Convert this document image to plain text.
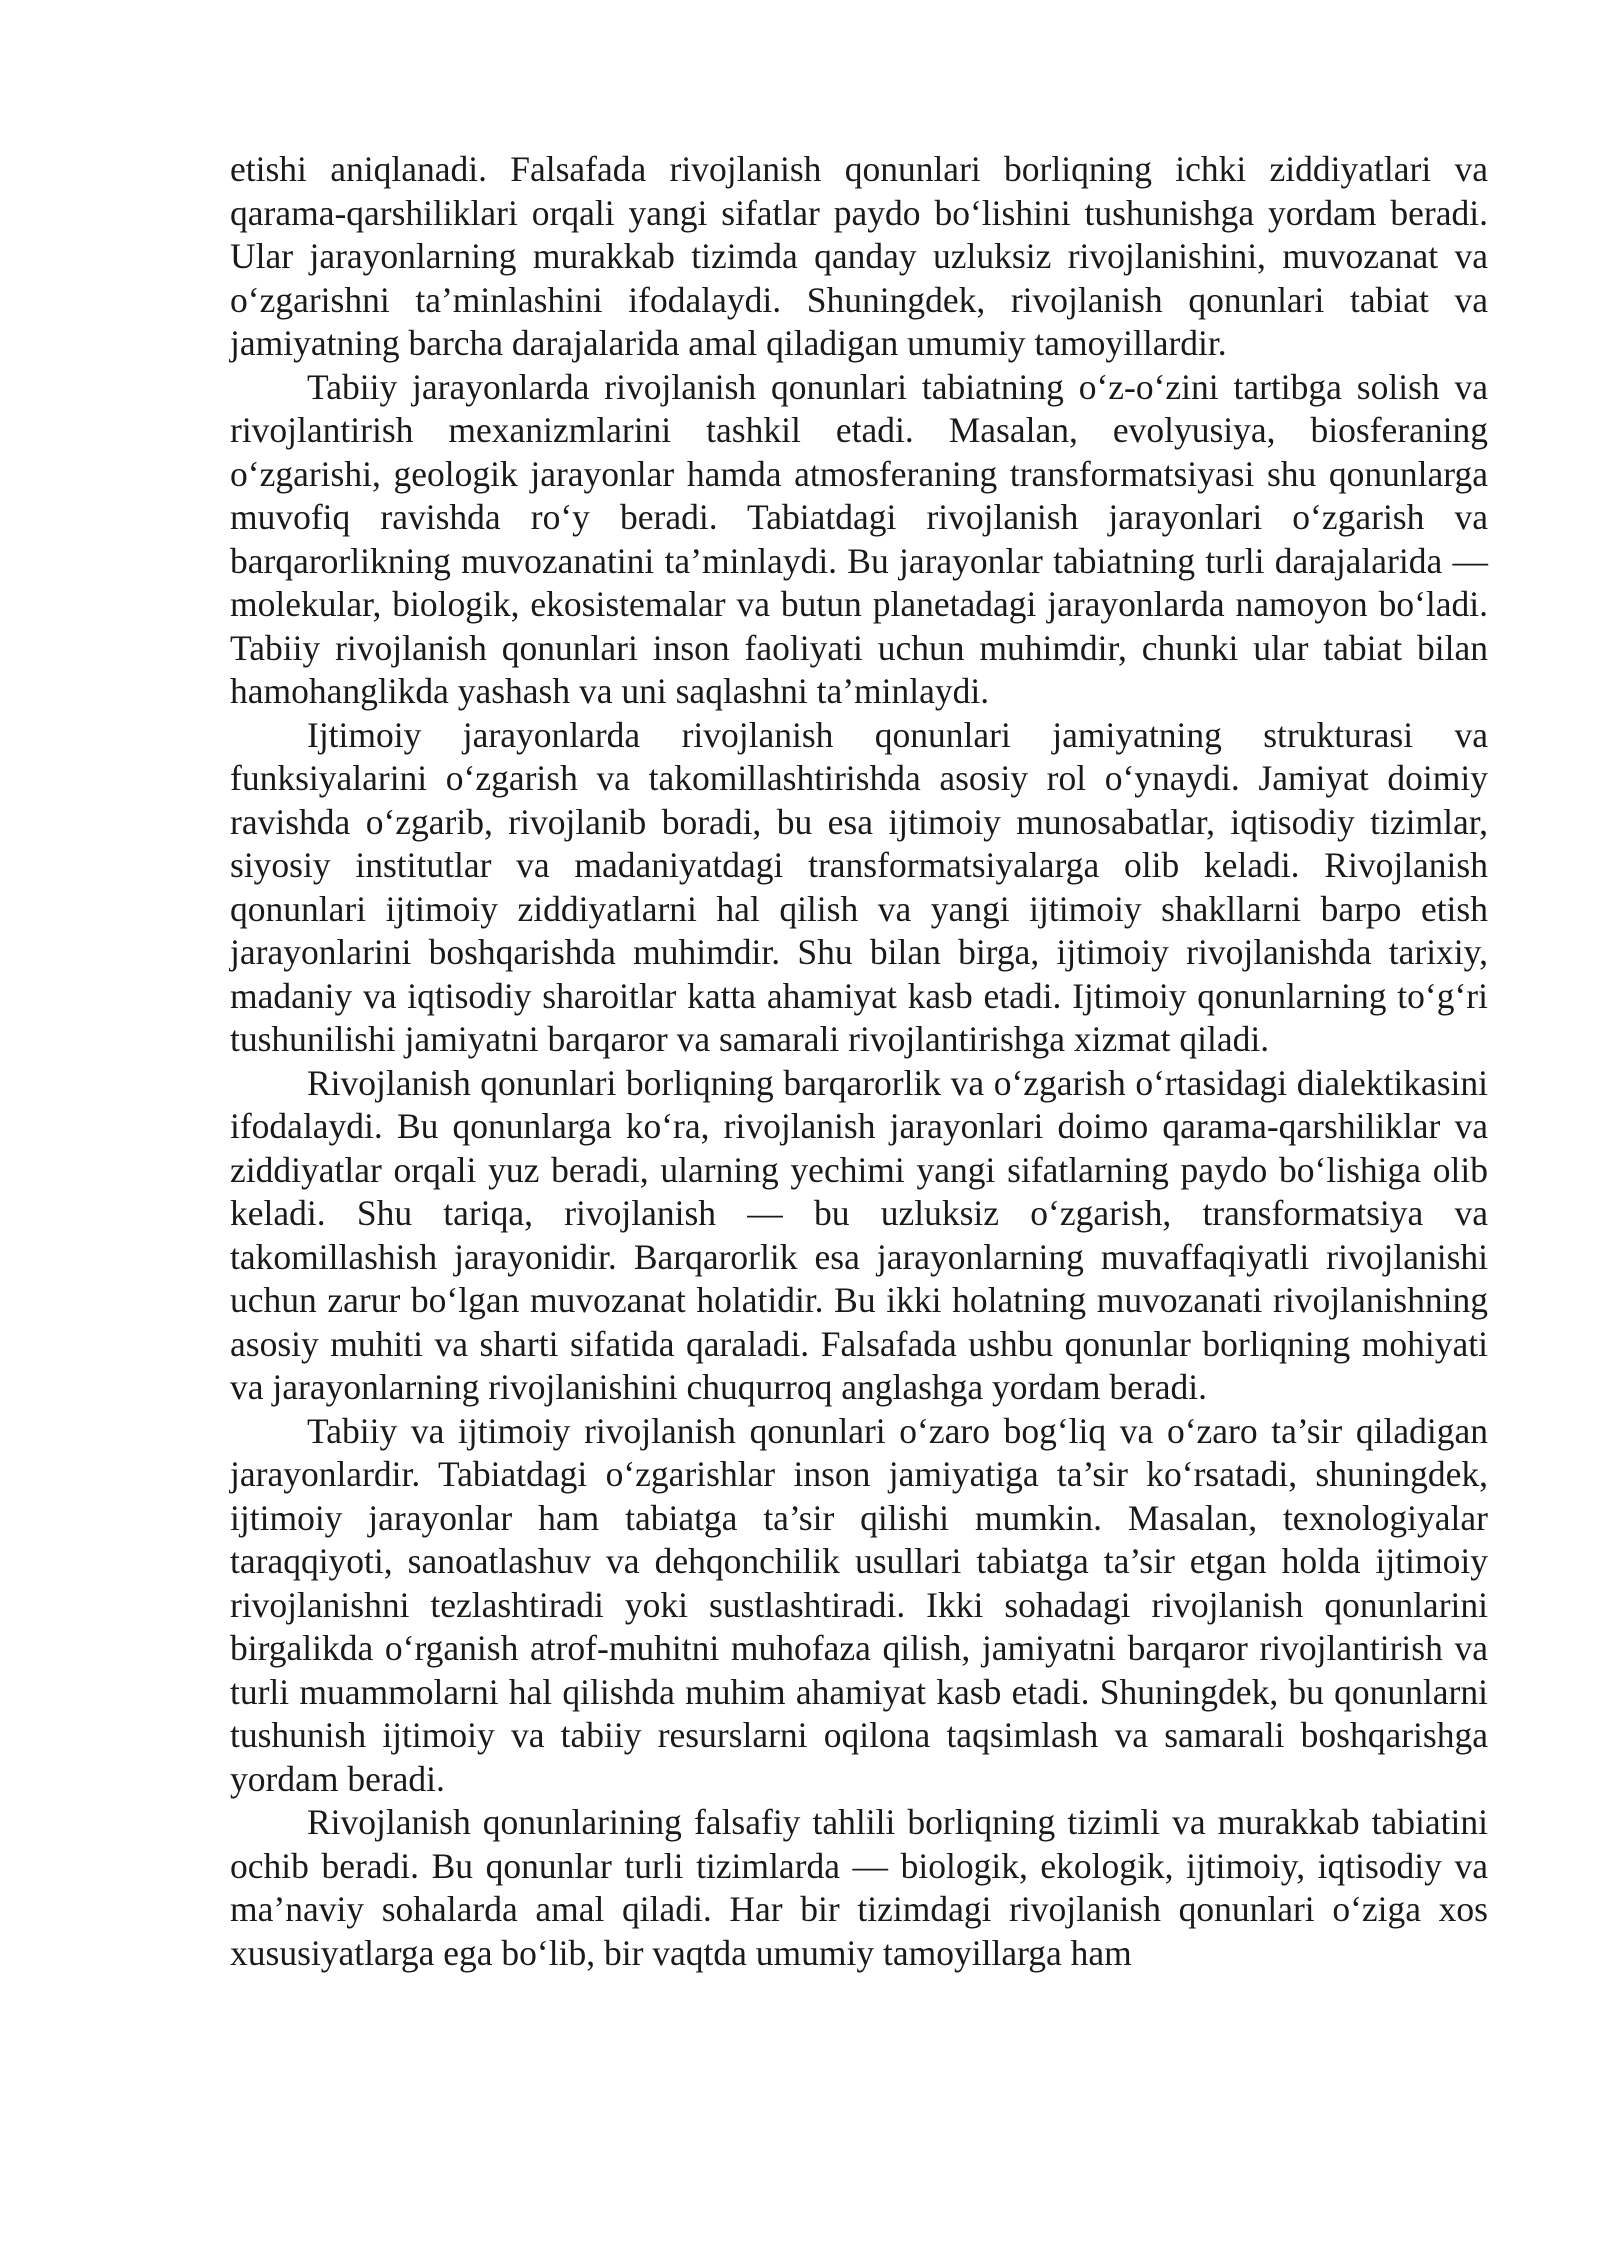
etishi aniqlanadi. Falsafada rivojlanish qonunlari borliqning ichki ziddiyatlari va qarama-qarshiliklari orqali yangi sifatlar paydo bo‘lishini tushunishga yordam beradi. Ular jarayonlarning murakkab tizimda qanday uzluksiz rivojlanishini, muvozanat va o‘zgarishni ta’minlashini ifodalaydi. Shuningdek, rivojlanish qonunlari tabiat va jamiyatning barcha darajalarida amal qiladigan umumiy tamoyillardir.

Tabiiy jarayonlarda rivojlanish qonunlari tabiatning o‘z-o‘zini tartibga solish va rivojlantirish mexanizmlarini tashkil etadi. Masalan, evolyusiya, biosferaning o‘zgarishi, geologik jarayonlar hamda atmosferaning transformatsiyasi shu qonunlarga muvofiq ravishda ro‘y beradi. Tabiatdagi rivojlanish jarayonlari o‘zgarish va barqarorlikning muvozanatini ta’minlaydi. Bu jarayonlar tabiatning turli darajalarida — molekular, biologik, ekosistemalar va butun planetadagi jarayonlarda namoyon bo‘ladi. Tabiiy rivojlanish qonunlari inson faoliyati uchun muhimdir, chunki ular tabiat bilan hamohanglikda yashash va uni saqlashni ta’minlaydi.

Ijtimoiy jarayonlarda rivojlanish qonunlari jamiyatning strukturasi va funksiyalarini o‘zgarish va takomillashtirishda asosiy rol o‘ynaydi. Jamiyat doimiy ravishda o‘zgarib, rivojlanib boradi, bu esa ijtimoiy munosabatlar, iqtisodiy tizimlar, siyosiy institutlar va madaniyatdagi transformatsiyalarga olib keladi. Rivojlanish qonunlari ijtimoiy ziddiyatlarni hal qilish va yangi ijtimoiy shakllarni barpo etish jarayonlarini boshqarishda muhimdir. Shu bilan birga, ijtimoiy rivojlanishda tarixiy, madaniy va iqtisodiy sharoitlar katta ahamiyat kasb etadi. Ijtimoiy qonunlarning to‘g‘ri tushunilishi jamiyatni barqaror va samarali rivojlantirishga xizmat qiladi.

Rivojlanish qonunlari borliqning barqarorlik va o‘zgarish o‘rtasidagi dialektikasini ifodalaydi. Bu qonunlarga ko‘ra, rivojlanish jarayonlari doimo qarama-qarshiliklar va ziddiyatlar orqali yuz beradi, ularning yechimi yangi sifatlarning paydo bo‘lishiga olib keladi. Shu tariqa, rivojlanish — bu uzluksiz o‘zgarish, transformatsiya va takomillashish jarayonidir. Barqarorlik esa jarayonlarning muvaffaqiyatli rivojlanishi uchun zarur bo‘lgan muvozanat holatidir. Bu ikki holatning muvozanati rivojlanishning asosiy muhiti va sharti sifatida qaraladi. Falsafada ushbu qonunlar borliqning mohiyati va jarayonlarning rivojlanishini chuqurroq anglashga yordam beradi.

Tabiiy va ijtimoiy rivojlanish qonunlari o‘zaro bog‘liq va o‘zaro ta’sir qiladigan jarayonlardir. Tabiatdagi o‘zgarishlar inson jamiyatiga ta’sir ko‘rsatadi, shuningdek, ijtimoiy jarayonlar ham tabiatga ta’sir qilishi mumkin. Masalan, texnologiyalar taraqqiyoti, sanoatlashuv va dehqonchilik usullari tabiatga ta’sir etgan holda ijtimoiy rivojlanishni tezlashtiradi yoki sustlashtiradi. Ikki sohadagi rivojlanish qonunlarini birgalikda o‘rganish atrof-muhitni muhofaza qilish, jamiyatni barqaror rivojlantirish va turli muammolarni hal qilishda muhim ahamiyat kasb etadi. Shuningdek, bu qonunlarni tushunish ijtimoiy va tabiiy resurslarni oqilona taqsimlash va samarali boshqarishga yordam beradi.

Rivojlanish qonunlarining falsafiy tahlili borliqning tizimli va murakkab tabiatini ochib beradi. Bu qonunlar turli tizimlarda — biologik, ekologik, ijtimoiy, iqtisodiy va ma’naviy sohalarda amal qiladi. Har bir tizimdagi rivojlanish qonunlari o‘ziga xos xususiyatlarga ega bo‘lib, bir vaqtda umumiy tamoyillarga ham
